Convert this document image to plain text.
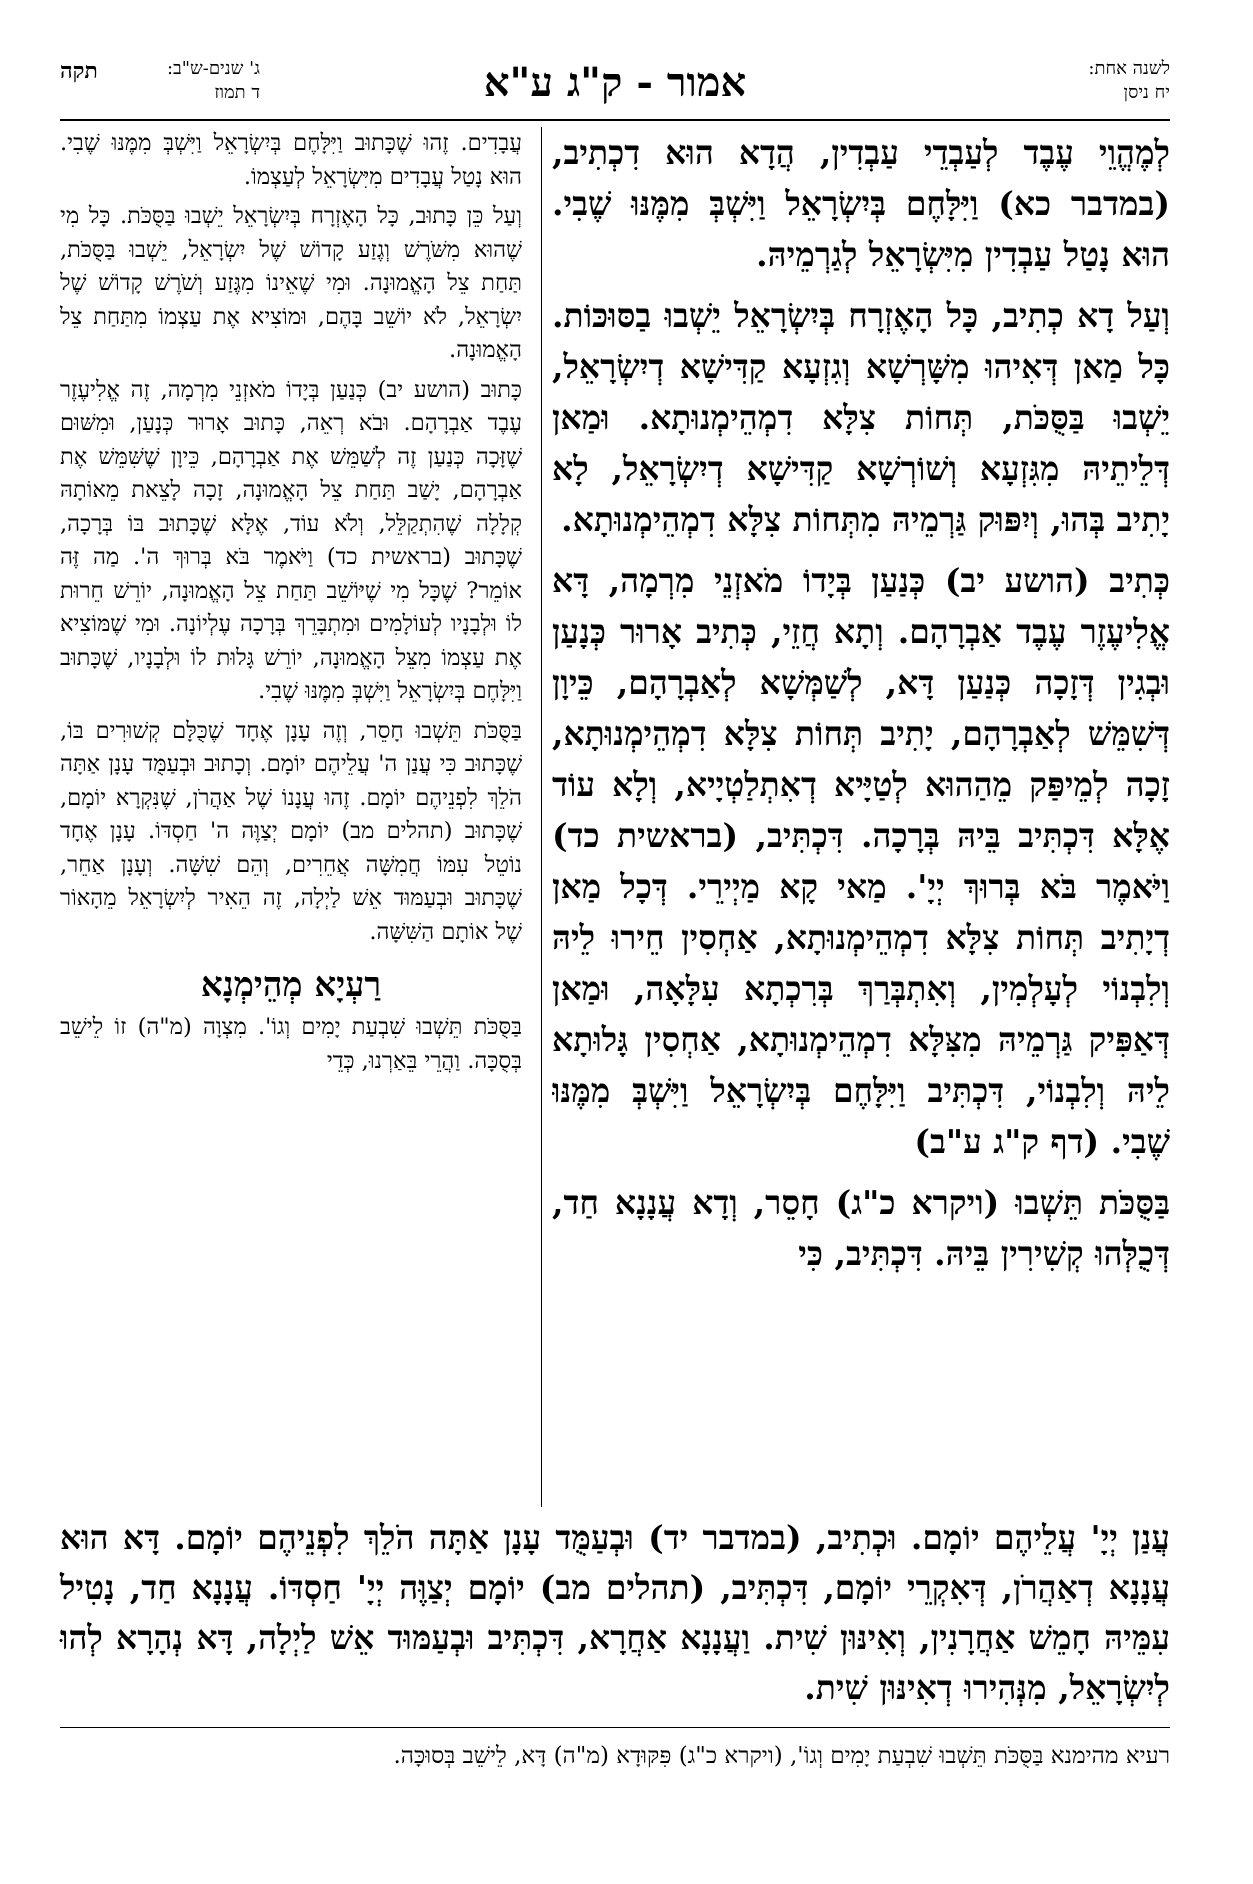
לשנה אחת:
יח ניסן
אמור - ק"ג ע"א
ג' שנים-ש"ב:
ד תמוז
תקה

לְמֶהֱוֵי עֶבֶד לְעַבְדֵי עַבְדִין, הֲדָא הוּא דִכְתִיב, (במדבר כא) וַיִּלָּחֶם בְּיִשְׂרָאֵל וַיִּשְׁבְּ מִמֶּנּוּ שֶׁבִי. הוּא נָטַל עַבְדִין מִיִּשְׂרָאֵל לְגַרְמֵיהּ.

וְעַל דָא כְתִיב, כָּל הָאֶזְרָח בְּיִשְׂרָאֵל יֵשְׁבוּ בַסּוּכּוֹת. כָּל מַאן דְּאִיהוּ מִשָּׁרְשָׁא וְגִזְעָא קַדִּישָׁא דְיִשְׂרָאֵל, יֵשְׁבוּ בַּסֻּכֹּת, תְּחוֹת צִלָּא דִמְהֵימְנוּתָא. וּמַאן דְּלֵיתֵיהּ מִגִּזְעָא וְשׁוֹרְשָׁא קַדִּישָׁא דְיִשְׂרָאֵל, לָא יָתִיב בְּהוּ, וְיִפּוּק גַּרְמֵיהּ מִתְּחוֹת צִלָּא דִמְהֵימְנוּתָא.

כְּתִיב (הושע יב) כְּנַעַן בְּיָדוֹ מֹאזְנֵי מִרְמָה, דָּא אֱלִיעֶזֶר עֶבֶד אַבְרָהָם. וְתָא חֲזֵי, כְּתִיב אָרוּר כְּנָעַן וּבְגִין דְּזָכָה כְּנַעַן דָּא, לְשַׁמְּשָׁא לְאַבְרָהָם, כֵּיוָן דְּשִׁמֵּשׁ לְאַבְרָהָם, יָתִיב תְּחוֹת צִלָּא דִמְהֵימְנוּתָא, זָכָה לְמֵיפַּק מֵהַהוּא לְטַיָּיא דְאִתְלַטְיָיא, וְלָא עוֹד אֶלָּא דִּכְתִּיב בֵּיהּ בְּרָכָה. דִּכְתִּיב, (בראשית כד) וַיֹּאמֶר בֹּא בְּרוּךְ יְיָ'. מַאי קָא מַיְירֵי. דְּכָל מַאן דְיָתִיב תְּחוֹת צִלָּא דִמְהֵימְנוּתָא, אַחְסִין חֵירוּ לֵיהּ וְלִבְנוֹי לְעָלְמִין, וְאִתְבְּרַךְ בְּרִכְתָא עִלָּאָה, וּמַאן דְּאַפִּיק גַּרְמֵיהּ מִצִּלָּא דִמְהֵימְנוּתָא, אַחְסִין גָּלוּתָא לֵיהּ וְלִבְנוֹי, דִּכְתִּיב וַיִּלָּחֶם בְּיִשְׂרָאֵל וַיִּשְׁבְּ מִמֶּנּוּ שֶׁבִי. (דף ק"ג ע"ב)

בַּסֻּכֹּת תֵּשְׁבוּ (ויקרא כ"ג) חָסֵר, וְדָא עֲנָנָא חַד, דְּכֻלְּהוּ קְשִׁירִין בֵּיהּ. דִּכְתִּיב, כִּי

עֲבָדִים. זֶהוּ שֶׁכָּתוּב וַיִּלָּחֶם בְּיִשְׂרָאֵל וַיִּשְׁבְּ מִמֶּנּוּ שֶׁבִי. הוּא נָטַל עֲבָדִים מִיִּשְׂרָאֵל לְעַצְמוֹ.

וְעַל כֵּן כָּתוּב, כָּל הָאֶזְרָח בְּיִשְׂרָאֵל יֵשְׁבוּ בַּסֻּכֹּת. כָּל מִי שֶׁהוּא מִשֹּׁרֶשׁ וְגֶזַע קָדוֹשׁ שֶׁל יִשְׂרָאֵל, יֵשְׁבוּ בַּסֻּכֹּת, תַּחַת צֵל הָאֱמוּנָה. וּמִי שֶׁאֵינוֹ מִגֶּזַע וְשֹׁרֶשׁ קָדוֹשׁ שֶׁל יִשְׂרָאֵל, לֹא יוֹשֵׁב בָּהֶם, וּמוֹצִיא אֶת עַצְמוֹ מִתַּחַת צֵל הָאֱמוּנָה.

כָּתוּב (הושע יב) כְּנַעַן בְּיָדוֹ מֹאזְנֵי מִרְמָה, זֶה אֱלִיעֶזֶר עֶבֶד אַבְרָהָם. וּבֹא רְאֵה, כָּתוּב אָרוּר כְּנָעַן, וּמִשּׁוּם שֶׁזָּכָה כְּנַעַן זֶה לְשַׁמֵּשׁ אֶת אַבְרָהָם, כֵּיוָן שֶׁשִּׁמֵּשׁ אֶת אַבְרָהָם, יָשַׁב תַּחַת צֵל הָאֱמוּנָה, זָכָה לָצֵאת מֵאוֹתָהּ קְלָלָה שֶׁהִתְקַלֵּל, וְלֹא עוֹד, אֶלָּא שֶׁכָּתוּב בּוֹ בְּרָכָה, שֶׁכָּתוּב (בראשית כד) וַיֹּאמֶר בֹּא בְּרוּךְ ה'. מַה זֶּה אוֹמֵר? שֶׁכָּל מִי שֶׁיּוֹשֵׁב תַּחַת צֵל הָאֱמוּנָה, יוֹרֵשׁ חֵרוּת לוֹ וּלְבָנָיו לְעוֹלָמִים וּמִתְבָּרֵךְ בְּרָכָה עֶלְיוֹנָה. וּמִי שֶׁמּוֹצִיא אֶת עַצְמוֹ מִצֵּל הָאֱמוּנָה, יוֹרֵשׁ גָּלוּת לוֹ וּלְבָנָיו, שֶׁכָּתוּב וַיִּלָּחֶם בְּיִשְׂרָאֵל וַיִּשְׁבְּ מִמֶּנּוּ שֶׁבִי.

בַּסֻּכֹּת תֵּשְׁבוּ חָסֵר, וְזֶה עָנָן אֶחָד שֶׁכֻּלָּם קְשׁוּרִים בּוֹ, שֶׁכָּתוּב כִּי עֲנַן ה' עֲלֵיהֶם יוֹמָם. וְכָתוּב וּבְעַמֻּד עָנָן אַתָּה הֹלֵךְ לִפְנֵיהֶם יוֹמָם. זֶהוּ עֲנָנוֹ שֶׁל אַהֲרֹן, שֶׁנִּקְרָא יוֹמָם, שֶׁכָּתוּב (תהלים מב) יוֹמָם יְצַוֶּה ה' חַסְדּוֹ. עָנָן אֶחָד נוֹטֵל עִמּוֹ חֲמִשָּׁה אֲחֵרִים, וְהֵם שִׁשָּׁה. וְעָנָן אַחֵר, שֶׁכָּתוּב וּבְעַמּוּד אֵשׁ לַיְלָה, זֶה הֵאִיר לְיִשְׂרָאֵל מֵהָאוֹר שֶׁל אוֹתָם הַשִּׁשָּׁה.

רַעְיָא מְהֵימְנָא

בַּסֻּכֹּת תֵּשְׁבוּ שִׁבְעַת יָמִים וְגוֹ'. מִצְוָה (מ"ה) זוֹ לֵישֵׁב בְּסֻכָּה. וַהֲרֵי בֵּאַרְנוּ, כְּדֵי

עֲנַן יְיָ' עֲלֵיהֶם יוֹמָם. וּכְתִיב, (במדבר יד) וּבְעַמֻּד עָנָן אַתָּה הֹלֵךְ לִפְנֵיהֶם יוֹמָם. דָּא הוּא עֲנָנָא דְאַהֲרֹן, דְּאִקְרֵי יוֹמָם, דִּכְתִּיב, (תהלים מב) יוֹמָם יְצַוֶּה יְיָ' חַסְדּוֹ. עֲנָנָא חַד, נָטִיל עִמֵּיהּ חָמֵשׁ אַחֲרָנִין, וְאִינּוּן שִׁית. וַעֲנָנָא אַחֲרָא, דִּכְתִּיב וּבְעַמּוּד אֵשׁ לַיְלָה, דָּא נְהָרָא לְהוּ לְיִשְׂרָאֵל, מִנְּהִירוּ דְאִינּוּן שִׁית.

רעיא מהימנא בַּסֻּכֹּת תֵּשְׁבוּ שִׁבְעַת יָמִים וְגוֹ', (ויקרא כ"ג) פִּקּוּדָא (מ"ה) דָּא, לֵישֵׁב בְּסוּכָּה.
